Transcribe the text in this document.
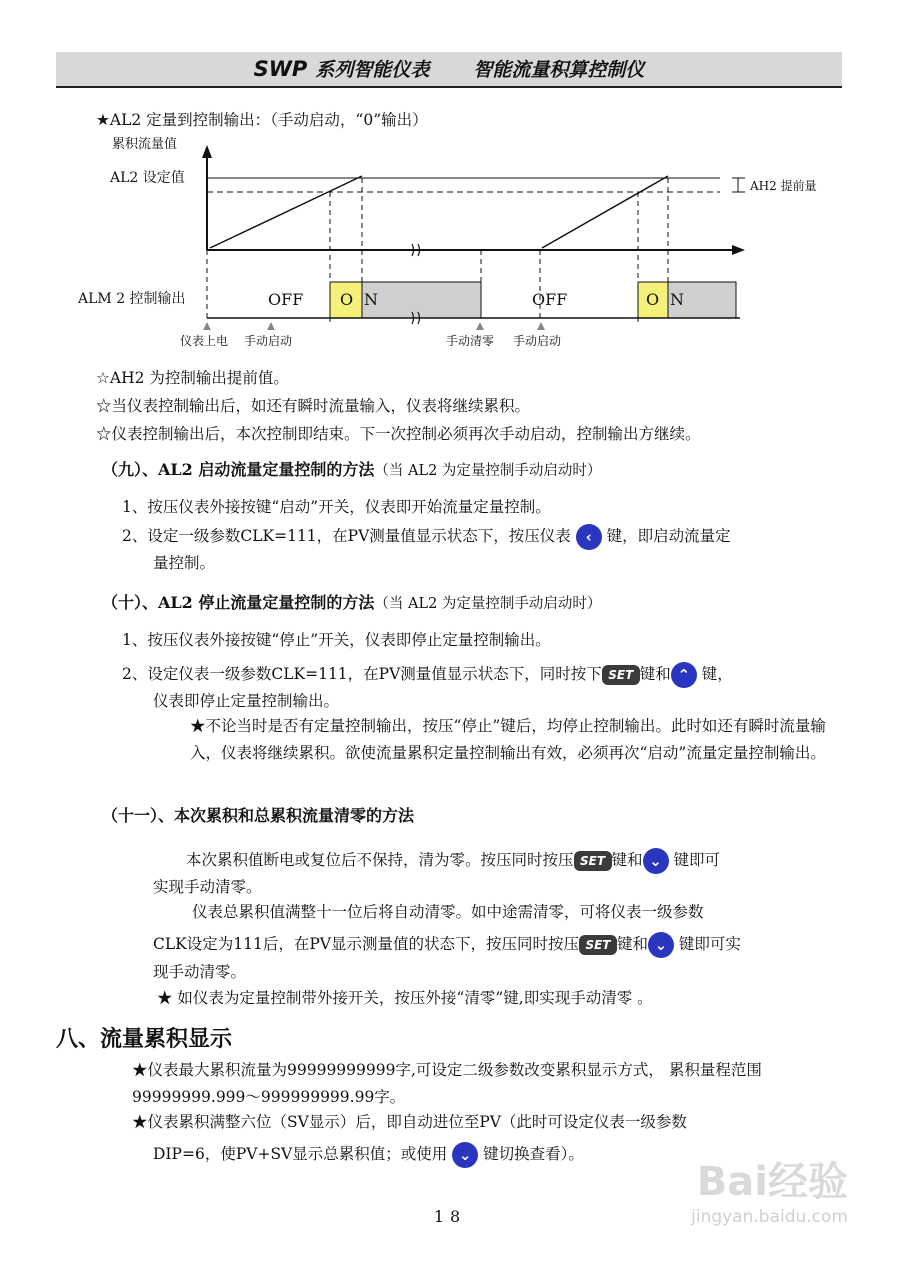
SWP 系列智能仪表 智能流量积算控制仪
★AL2 定量到控制输出：（手动启动，“0”输出）
累积流量值
AL2 设定值	AH2 提前量
ALM 2 控制输出	OFF O N	OFF	O N
仪表上电 手动启动	手动清零 手动启动
☆AH2 为控制输出提前值。
☆当仪表控制输出后，如还有瞬时流量输入，仪表将继续累积。
☆仪表控制输出后，本次控制即结束。下一次控制必须再次手动启动，控制输出方继续。
（九）、AL2 启动流量定量控制的方法（当 AL2 为定量控制手动启动时）
1、按压仪表外接按键“启动”开关，仪表即开始流量定量控制。
2、设定一级参数CLK=111，在PV测量值显示状态下，按压仪表 ‹ 键，即启动流量定
量控制。
（十）、AL2 停止流量定量控制的方法（当 AL2 为定量控制手动启动时）
1、按压仪表外接按键“停止”开关，仪表即停止定量控制输出。
2、设定仪表一级参数CLK=111，在PV测量值显示状态下，同时按下 SET 键和 ⌃ 键，
仪表即停止定量控制输出。
★不论当时是否有定量控制输出，按压“停止”键后，均停止控制输出。此时如还有瞬时流量输入，仪表将继续累积。欲使流量累积定量控制输出有效，必须再次“启动”流量定量控制输出。
（十一）、本次累积和总累积流量清零的方法
本次累积值断电或复位后不保持，清为零。按压同时按压 SET 键和 ⌄ 键即可
实现手动清零。
仪表总累积值满整十一位后将自动清零。如中途需清零，可将仪表一级参数
CLK设定为111后，在PV显示测量值的状态下，按压同时按压 SET 键和 ⌄ 键即可实
现手动清零。
★ 如仪表为定量控制带外接开关，按压外接“清零”键,即实现手动清零 。
八、流量累积显示
★仪表最大累积流量为99999999999字,可设定二级参数改变累积显示方式， 累积量程范围99999999.999～999999999.99字。
★仪表累积满整六位（SV显示）后，即自动进位至PV（此时可设定仪表一级参数
DIP=6，使PV+SV显示总累积值；或使用 ⌄ 键切换查看）。
Bai经验
jingyan.baidu.com
18
